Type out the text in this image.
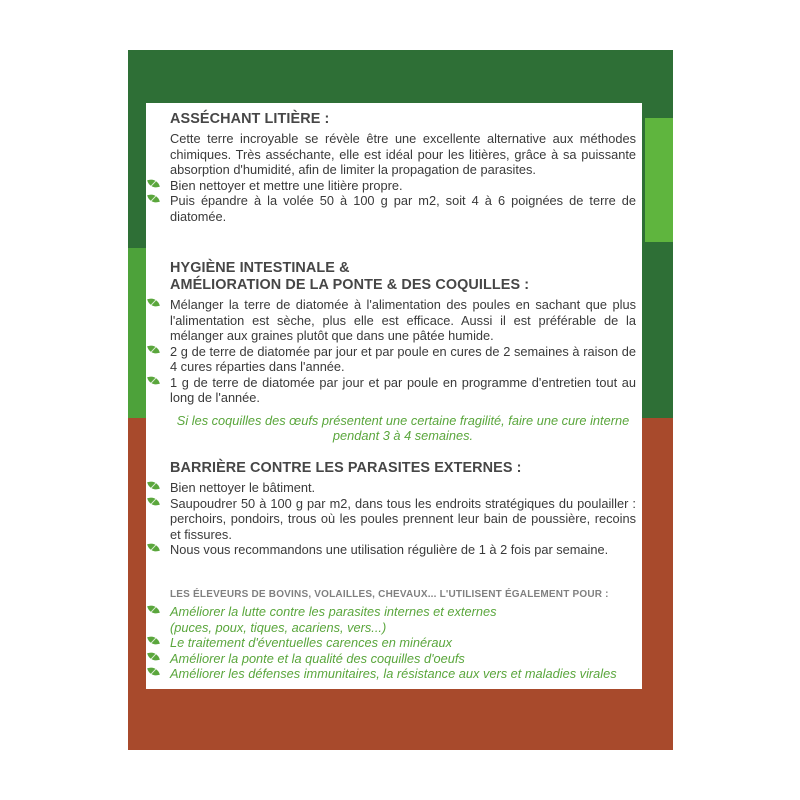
ASSÉCHANT LITIÈRE :

Cette terre incroyable se révèle être une excellente alternative aux méthodes chimiques. Très asséchante, elle est idéal pour les litières, grâce à sa puissante absorption d'humidité, afin de limiter la propagation de parasites.

Bien nettoyer et mettre une litière propre.
Puis épandre à la volée 50 à 100 g par m2, soit 4 à 6 poignées de terre de diatomée.
HYGIÈNE INTESTINALE &
AMÉLIORATION DE LA PONTE & DES COQUILLES :
Mélanger la terre de diatomée à l'alimentation des poules en sachant que plus l'alimentation est sèche, plus elle est efficace. Aussi il est préférable de la mélanger aux graines plutôt que dans une pâtée humide.
2 g de terre de diatomée par jour et par poule en cures de 2 semaines à raison de 4 cures réparties dans l'année.
1 g de terre de diatomée par jour et par poule en programme d'entretien tout au long de l'année.

Si les coquilles des œufs présentent une certaine fragilité, faire une cure interne

pendant 3 à 4 semaines.

BARRIÈRE CONTRE LES PARASITES EXTERNES :
Bien nettoyer le bâtiment.
Saupoudrer 50 à 100 g par m2, dans tous les endroits stratégiques du poulailler : perchoirs, pondoirs, trous où les poules prennent leur bain de poussière, recoins et fissures.
Nous vous recommandons une utilisation régulière de 1 à 2 fois par semaine.
LES ÉLEVEURS DE BOVINS, VOLAILLES, CHEVAUX... L'UTILISENT ÉGALEMENT POUR :
Améliorer la lutte contre les parasites internes et externes
(puces, poux, tiques, acariens, vers...)
Le traitement d'éventuelles carences en minéraux
Améliorer la ponte et la qualité des coquilles d'oeufs
Améliorer les défenses immunitaires, la résistance aux vers et maladies virales
